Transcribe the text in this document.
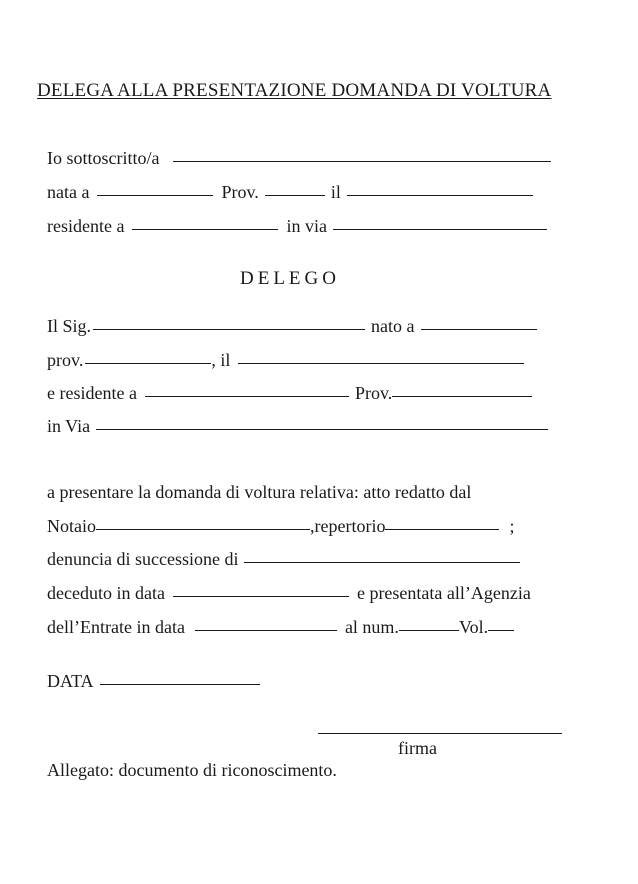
DELEGA ALLA PRESENTAZIONE DOMANDA DI VOLTURA
Io sottoscritto/a
nata a	Prov.	il
residente a	in via
DELEGO
Il Sig.	nato a
prov.	, il
e residente a	Prov.
in Via
a presentare la domanda di voltura relativa: atto redatto dal
Notaio	,repertorio	;
denuncia di successione di
deceduto in data	e presentata all’Agenzia
dell’Entrate in data	al num.	Vol.
DATA
firma
Allegato: documento di riconoscimento.
